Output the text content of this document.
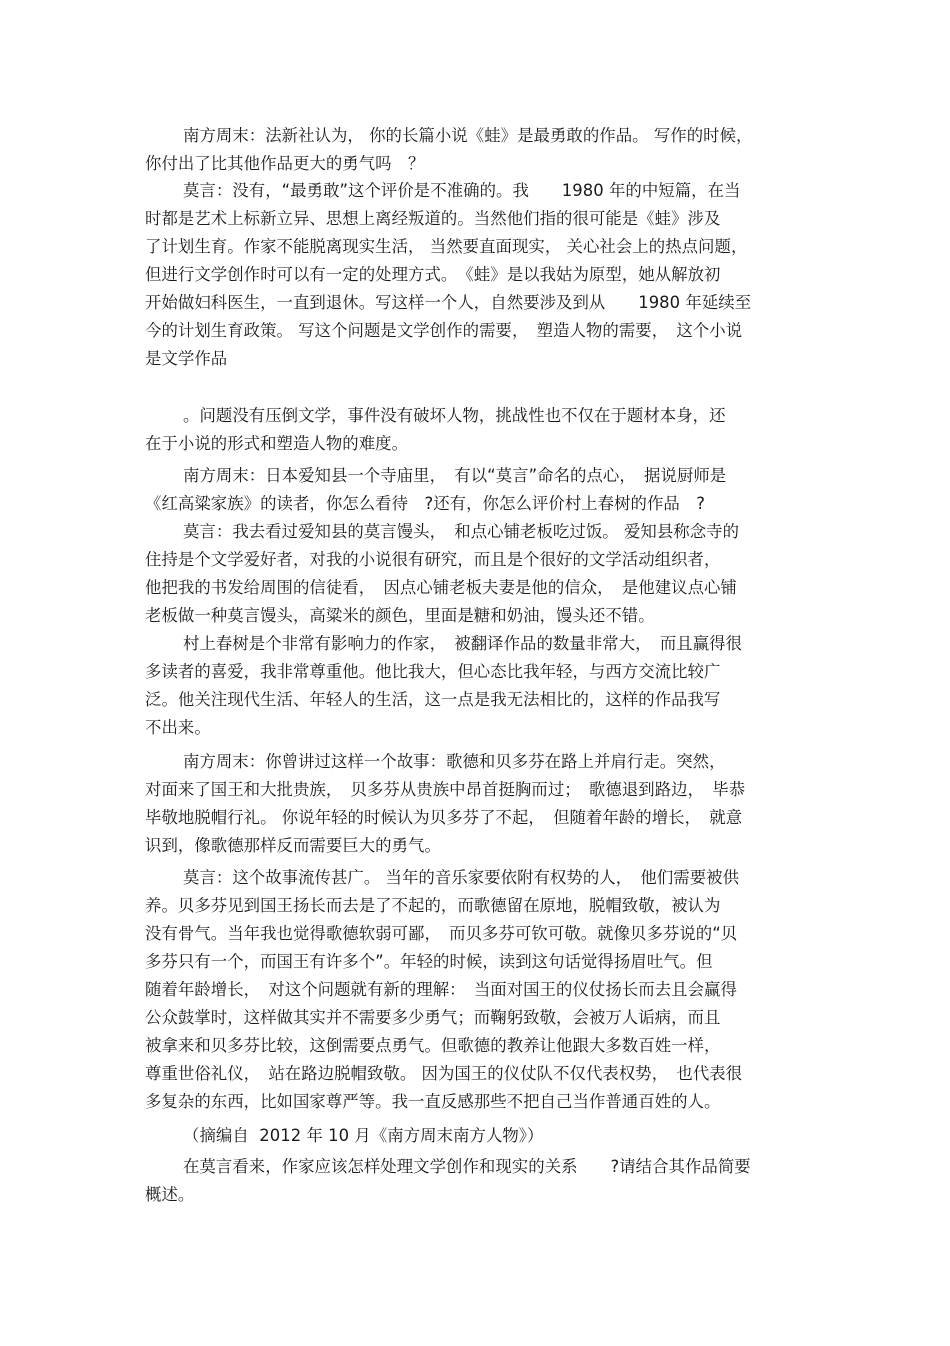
南方周末：法新社认为， 你的长篇小说《蛙》是最勇敢的作品。 写作的时候，
你付出了比其他作品更大的勇气吗　？
莫言：没有，“最勇敢”这个评价是不准确的。我　　1980 年的中短篇，在当
时都是艺术上标新立异、思想上离经叛道的。当然他们指的很可能是《蛙》涉及
了计划生育。作家不能脱离现实生活， 当然要直面现实， 关心社会上的热点问题，
但进行文学创作时可以有一定的处理方式。　《蛙》是以我姑为原型，她从解放初
开始做妇科医生，一直到退休。写这样一个人，自然要涉及到从　　1980 年延续至
今的计划生育政策。 写这个问题是文学创作的需要，　塑造人物的需要，　这个小说
是文学作品
。问题没有压倒文学，事件没有破坏人物，挑战性也不仅在于题材本身，还
在于小说的形式和塑造人物的难度。
南方周末：日本爱知县一个寺庙里，　有以“莫言”命名的点心，　据说厨师是
《红高粱家族》的读者，你怎么看待　?还有，你怎么评价村上春树的作品　?
莫言：我去看过爱知县的莫言馒头，　和点心铺老板吃过饭。 爱知县称念寺的
住持是个文学爱好者，对我的小说很有研究，而且是个很好的文学活动组织者，
他把我的书发给周围的信徒看，　因点心铺老板夫妻是他的信众，　是他建议点心铺
老板做一种莫言馒头，高粱米的颜色，里面是糖和奶油，馒头还不错。
村上春树是个非常有影响力的作家，　被翻译作品的数量非常大，　而且赢得很
多读者的喜爱，我非常尊重他。他比我大，但心态比我年轻，与西方交流比较广
泛。他关注现代生活、年轻人的生活，这一点是我无法相比的，这样的作品我写
不出来。
南方周末：你曾讲过这样一个故事：歌德和贝多芬在路上并肩行走。突然，
对面来了国王和大批贵族，　贝多芬从贵族中昂首挺胸而过；　歌德退到路边，　毕恭
毕敬地脱帽行礼。 你说年轻的时候认为贝多芬了不起，　但随着年龄的增长，　就意
识到，像歌德那样反而需要巨大的勇气。
莫言：这个故事流传甚广。 当年的音乐家要依附有权势的人，　他们需要被供
养。贝多芬见到国王扬长而去是了不起的，而歌德留在原地，脱帽致敬，被认为
没有骨气。当年我也觉得歌德软弱可鄙，　而贝多芬可钦可敬。就像贝多芬说的“贝
多芬只有一个，而国王有许多个”。年轻的时候，读到这句话觉得扬眉吐气。但
随着年龄增长，　对这个问题就有新的理解：　当面对国王的仪仗扬长而去且会赢得
公众鼓掌时，这样做其实并不需要多少勇气；而鞠躬致敬，会被万人诟病，而且
被拿来和贝多芬比较，这倒需要点勇气。但歌德的教养让他跟大多数百姓一样，
尊重世俗礼仪，　站在路边脱帽致敬。 因为国王的仪仗队不仅代表权势，　也代表很
多复杂的东西，比如国家尊严等。我一直反感那些不把自己当作普通百姓的人。
（摘编自  2012 年 10 月《南方周末南方人物》）
在莫言看来，作家应该怎样处理文学创作和现实的关系　　?请结合其作品简要
概述。
